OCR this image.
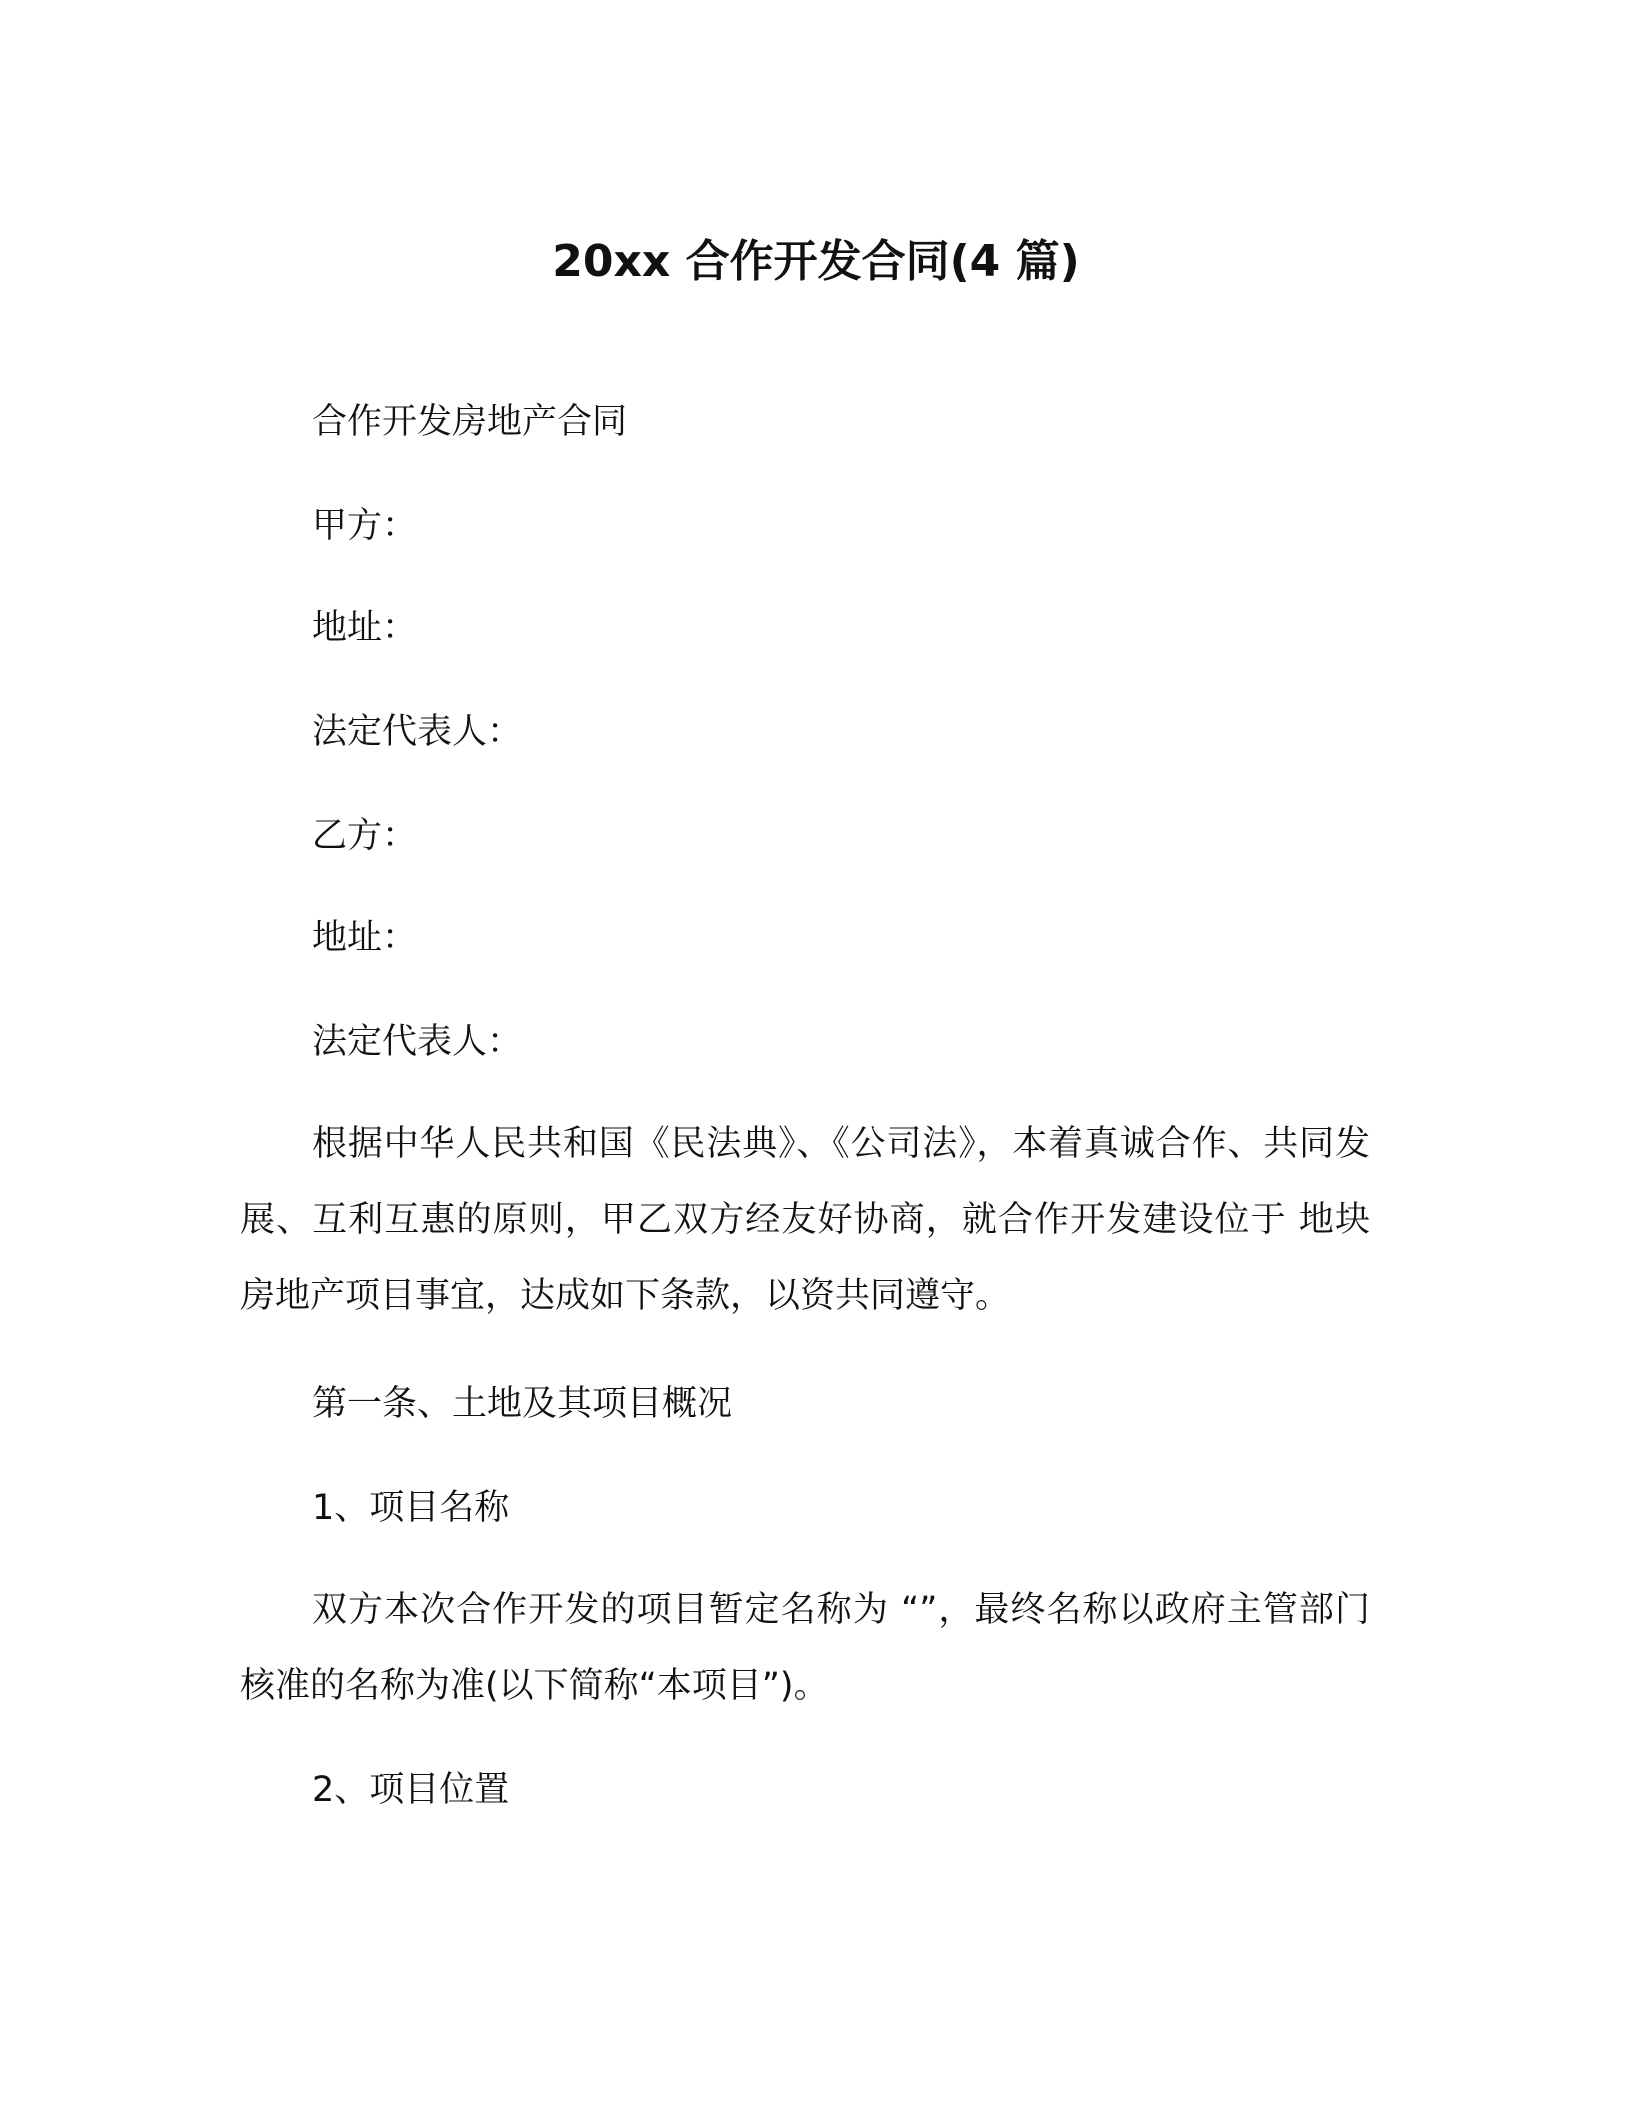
20xx 合作开发合同(4 篇)
合作开发房地产合同
甲方：
地址：
法定代表人：
乙方：
地址：
法定代表人：
根据中华人民共和国《民法典》、《公司法》，本着真诚合作、共同发展、互利互惠的原则，甲乙双方经友好协商，就合作开发建设位于 地块房地产项目事宜，达成如下条款，以资共同遵守。
第一条、土地及其项目概况
1、项目名称
双方本次合作开发的项目暂定名称为 “”，最终名称以政府主管部门核准的名称为准(以下简称“本项目”)。
2、项目位置
